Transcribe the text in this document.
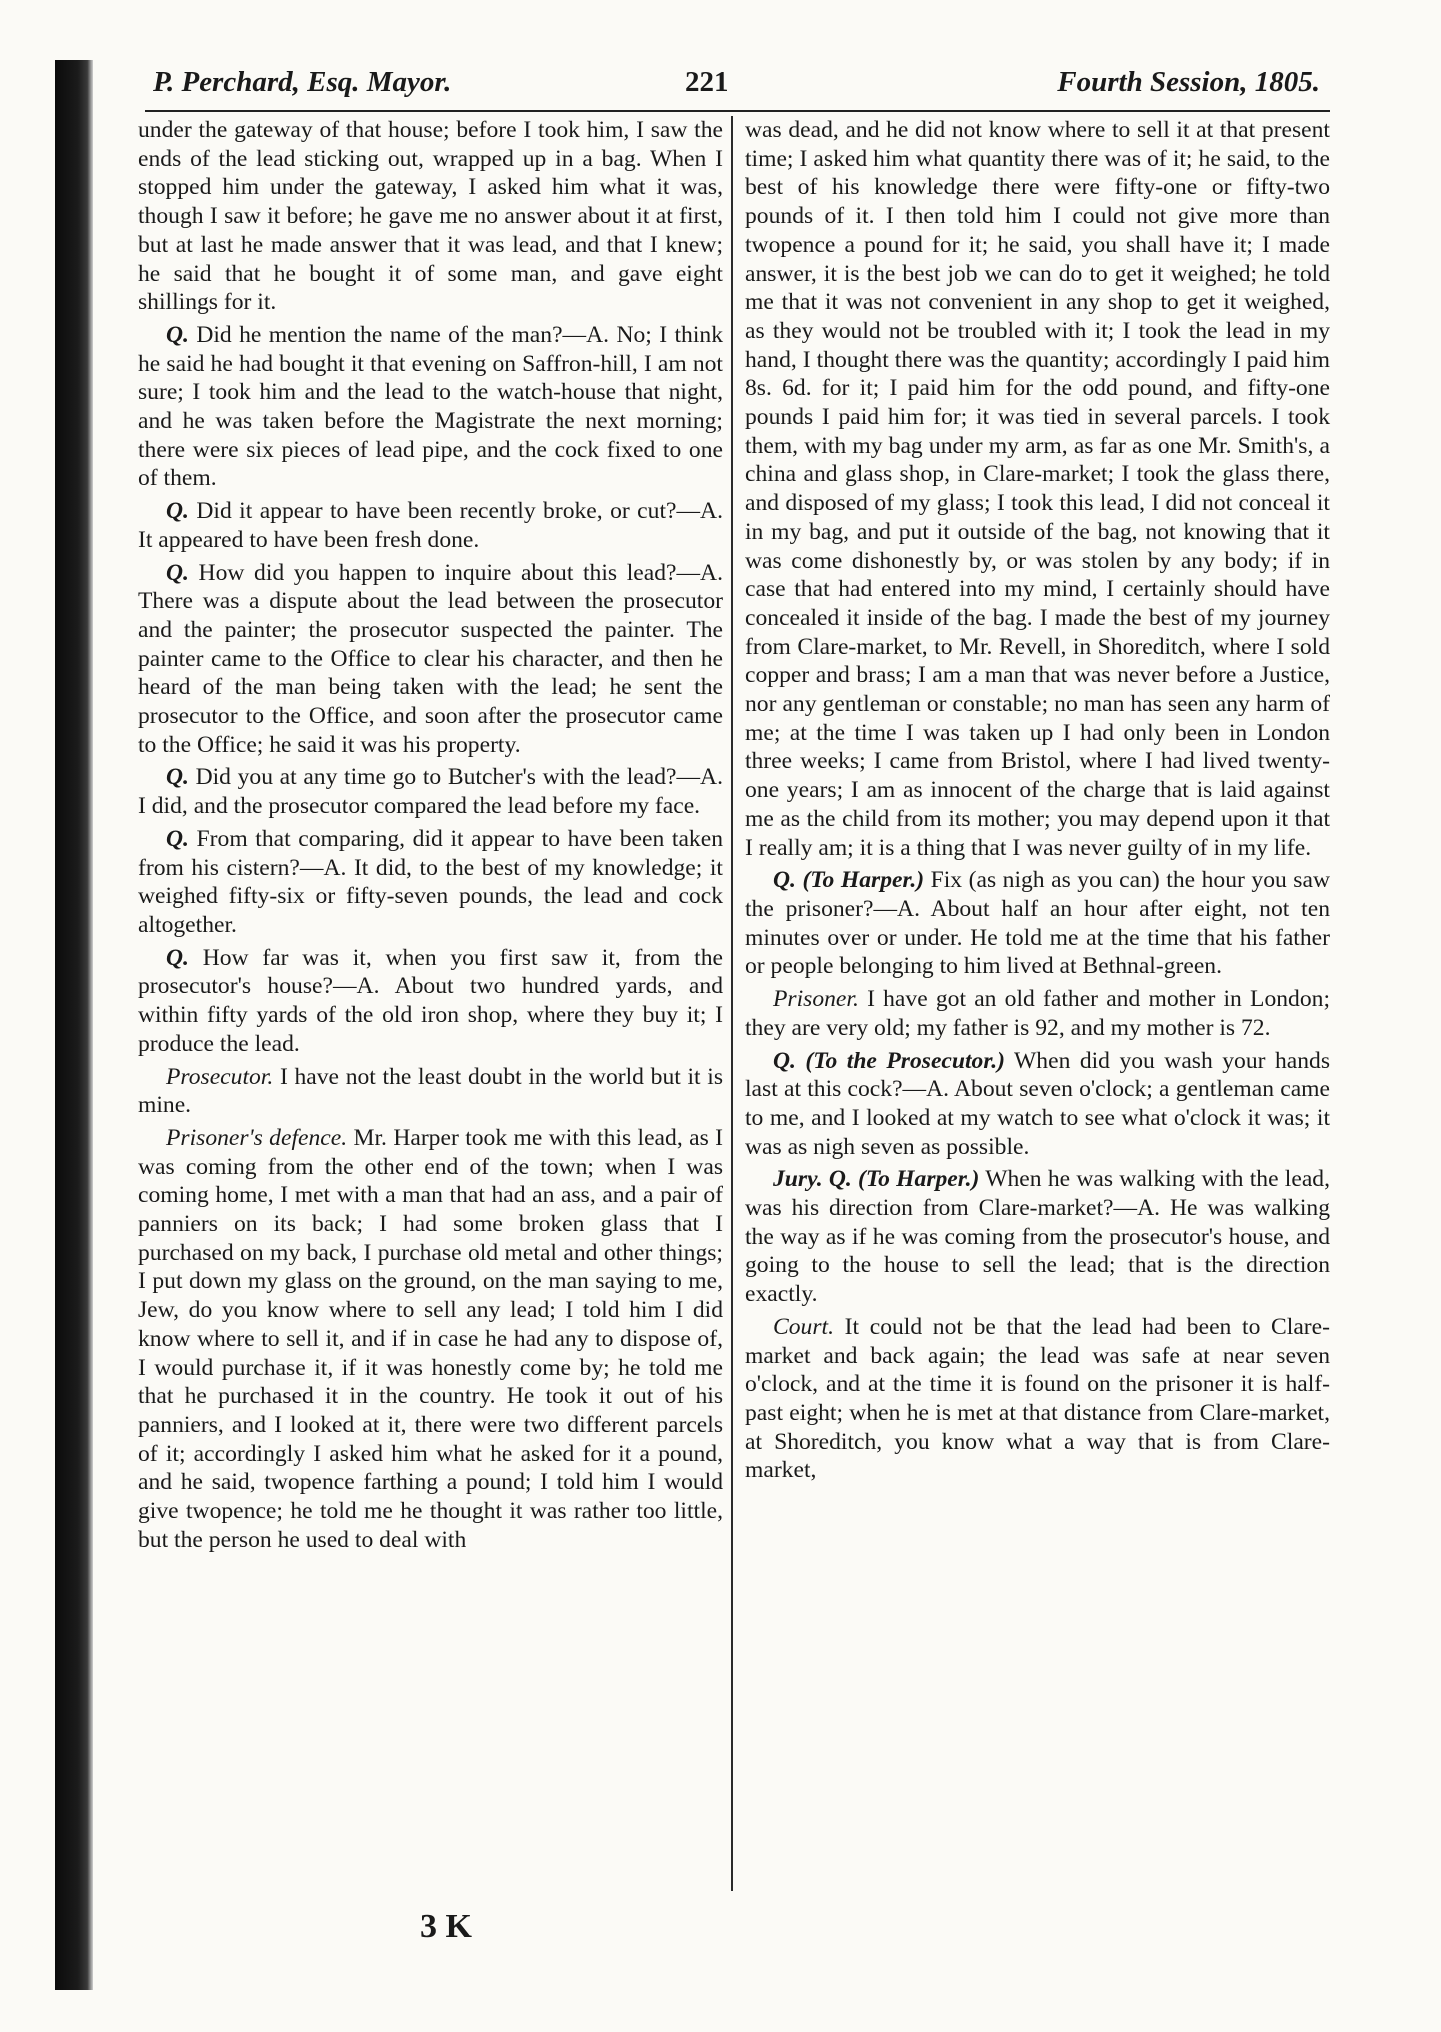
P. Perchard, Esq. Mayor.	221	Fourth Session, 1805.

under the gateway of that house; before I took him, I saw the ends of the lead sticking out, wrapped up in a bag. When I stopped him under the gateway, I asked him what it was, though I saw it before; he gave me no answer about it at first, but at last he made answer that it was lead, and that I knew; he said that he bought it of some man, and gave eight shillings for it.

Q. Did he mention the name of the man?—A. No; I think he said he had bought it that evening on Saffron-hill, I am not sure; I took him and the lead to the watch-house that night, and he was taken before the Magistrate the next morning; there were six pieces of lead pipe, and the cock fixed to one of them.

Q. Did it appear to have been recently broke, or cut?—A. It appeared to have been fresh done.

Q. How did you happen to inquire about this lead?—A. There was a dispute about the lead between the prosecutor and the painter; the prosecutor suspected the painter. The painter came to the Office to clear his character, and then he heard of the man being taken with the lead; he sent the prosecutor to the Office, and soon after the prosecutor came to the Office; he said it was his property.

Q. Did you at any time go to Butcher's with the lead?—A. I did, and the prosecutor compared the lead before my face.

Q. From that comparing, did it appear to have been taken from his cistern?—A. It did, to the best of my knowledge; it weighed fifty-six or fifty-seven pounds, the lead and cock altogether.

Q. How far was it, when you first saw it, from the prosecutor's house?—A. About two hundred yards, and within fifty yards of the old iron shop, where they buy it; I produce the lead.

Prosecutor. I have not the least doubt in the world but it is mine.

Prisoner's defence. Mr. Harper took me with this lead, as I was coming from the other end of the town; when I was coming home, I met with a man that had an ass, and a pair of panniers on its back; I had some broken glass that I purchased on my back, I purchase old metal and other things; I put down my glass on the ground, on the man saying to me, Jew, do you know where to sell any lead; I told him I did know where to sell it, and if in case he had any to dispose of, I would purchase it, if it was honestly come by; he told me that he purchased it in the country. He took it out of his panniers, and I looked at it, there were two different parcels of it; accordingly I asked him what he asked for it a pound, and he said, twopence farthing a pound; I told him I would give twopence; he told me he thought it was rather too little, but the person he used to deal with

was dead, and he did not know where to sell it at that present time; I asked him what quantity there was of it; he said, to the best of his knowledge there were fifty-one or fifty-two pounds of it. I then told him I could not give more than twopence a pound for it; he said, you shall have it; I made answer, it is the best job we can do to get it weighed; he told me that it was not convenient in any shop to get it weighed, as they would not be troubled with it; I took the lead in my hand, I thought there was the quantity; accordingly I paid him 8s. 6d. for it; I paid him for the odd pound, and fifty-one pounds I paid him for; it was tied in several parcels. I took them, with my bag under my arm, as far as one Mr. Smith's, a china and glass shop, in Clare-market; I took the glass there, and disposed of my glass; I took this lead, I did not conceal it in my bag, and put it outside of the bag, not knowing that it was come dishonestly by, or was stolen by any body; if in case that had entered into my mind, I certainly should have concealed it inside of the bag. I made the best of my journey from Clare-market, to Mr. Revell, in Shoreditch, where I sold copper and brass; I am a man that was never before a Justice, nor any gentleman or constable; no man has seen any harm of me; at the time I was taken up I had only been in London three weeks; I came from Bristol, where I had lived twenty-one years; I am as innocent of the charge that is laid against me as the child from its mother; you may depend upon it that I really am; it is a thing that I was never guilty of in my life.

Q. (To Harper.) Fix (as nigh as you can) the hour you saw the prisoner?—A. About half an hour after eight, not ten minutes over or under. He told me at the time that his father or people belonging to him lived at Bethnal-green.

Prisoner. I have got an old father and mother in London; they are very old; my father is 92, and my mother is 72.

Q. (To the Prosecutor.) When did you wash your hands last at this cock?—A. About seven o'clock; a gentleman came to me, and I looked at my watch to see what o'clock it was; it was as nigh seven as possible.

Jury. Q. (To Harper.) When he was walking with the lead, was his direction from Clare-market?—A. He was walking the way as if he was coming from the prosecutor's house, and going to the house to sell the lead; that is the direction exactly.

Court. It could not be that the lead had been to Clare-market and back again; the lead was safe at near seven o'clock, and at the time it is found on the prisoner it is half-past eight; when he is met at that distance from Clare-market, at Shoreditch, you know what a way that is from Clare-market,

3 K
